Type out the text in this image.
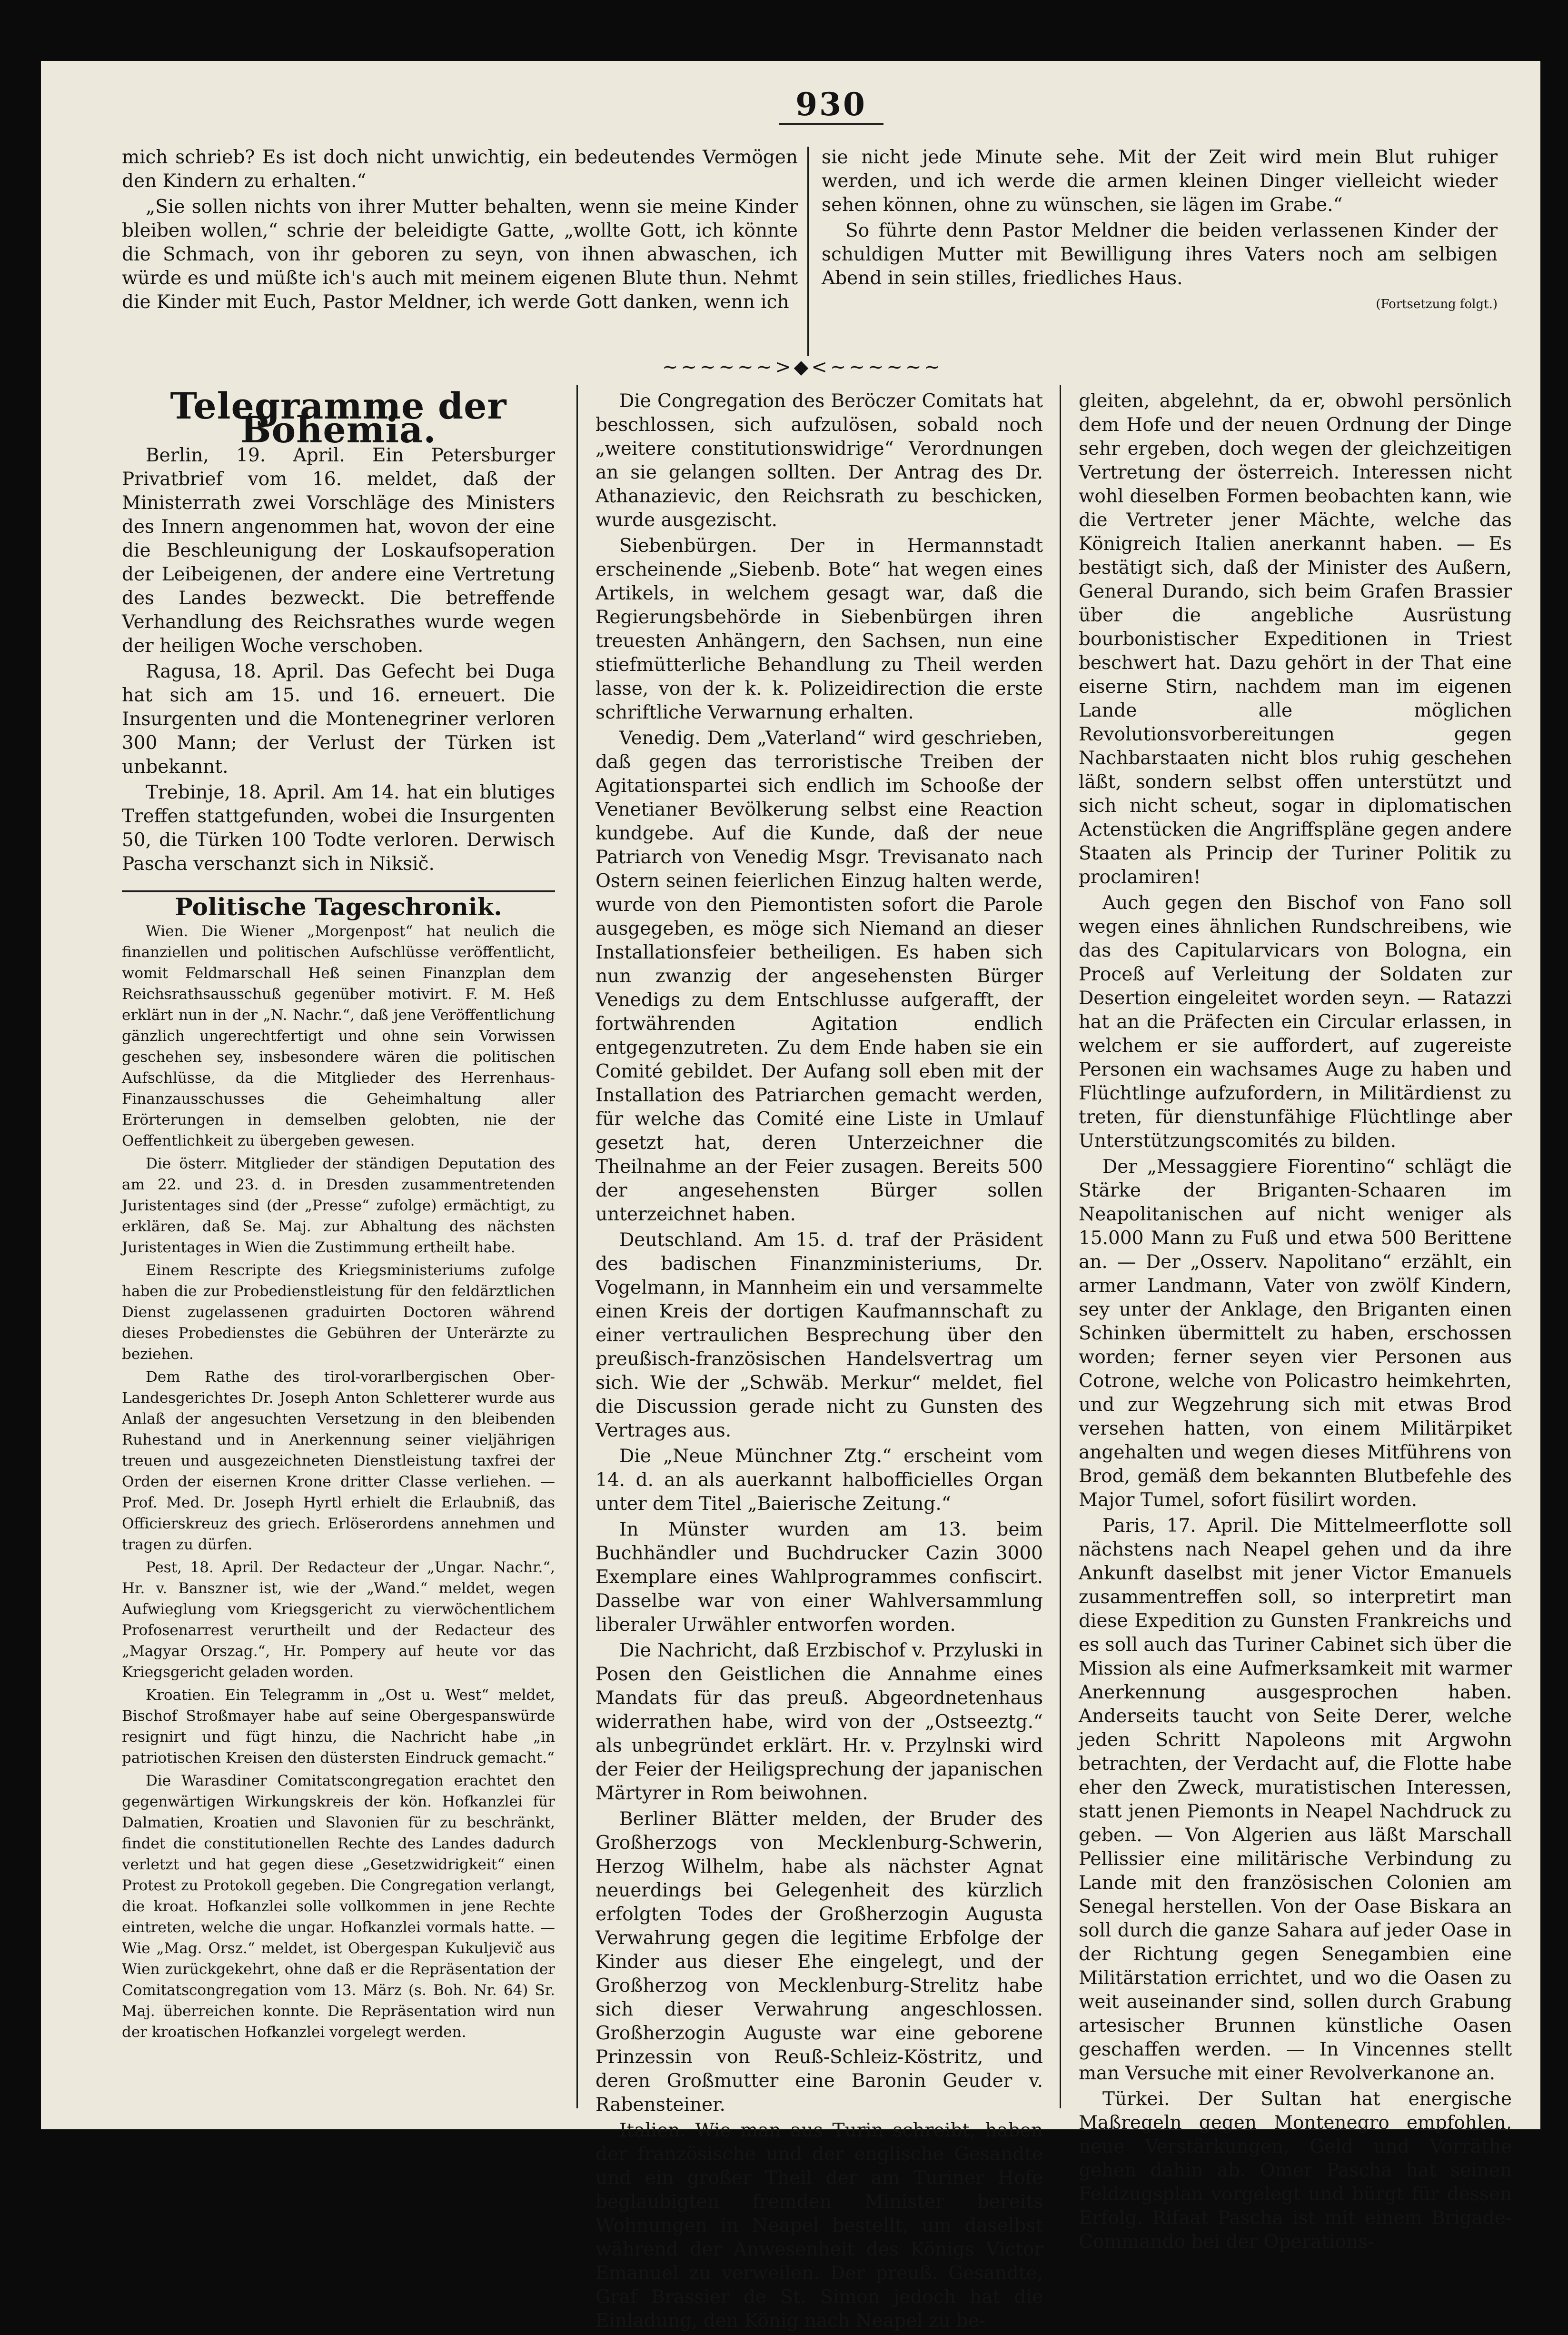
930

mich schrieb? Es ist doch nicht unwichtig, ein bedeutendes Vermögen den Kindern zu erhalten.“

„Sie sollen nichts von ihrer Mutter behalten, wenn sie meine Kinder bleiben wollen,“ schrie der beleidigte Gatte, „wollte Gott, ich könnte die Schmach, von ihr geboren zu seyn, von ihnen abwaschen, ich würde es und müßte ich's auch mit meinem eigenen Blute thun. Nehmt die Kinder mit Euch, Pastor Meldner, ich werde Gott danken, wenn ich

sie nicht jede Minute sehe. Mit der Zeit wird mein Blut ruhiger werden, und ich werde die armen kleinen Dinger vielleicht wieder sehen können, ohne zu wünschen, sie lägen im Grabe.“

So führte denn Pastor Meldner die beiden verlassenen Kinder der schuldigen Mutter mit Bewilligung ihres Vaters noch am selbigen Abend in sein stilles, friedliches Haus.

(Fortsetzung folgt.)

~~~~~~>◆<~~~~~~

Telegramme der Bohemia.

Berlin, 19. April. Ein Petersburger Privatbrief vom 16. meldet, daß der Ministerrath zwei Vorschläge des Ministers des Innern angenommen hat, wovon der eine die Beschleunigung der Loskaufsoperation der Leibeigenen, der andere eine Vertretung des Landes bezweckt. Die betreffende Verhandlung des Reichsrathes wurde wegen der heiligen Woche verschoben.

Ragusa, 18. April. Das Gefecht bei Duga hat sich am 15. und 16. erneuert. Die Insurgenten und die Montenegriner verloren 300 Mann; der Verlust der Türken ist unbekannt.

Trebinje, 18. April. Am 14. hat ein blutiges Treffen stattgefunden, wobei die Insurgenten 50, die Türken 100 Todte verloren. Derwisch Pascha verschanzt sich in Niksič.

Politische Tageschronik.

Wien. Die Wiener „Morgenpost“ hat neulich die finanziellen und politischen Aufschlüsse veröffentlicht, womit Feldmarschall Heß seinen Finanzplan dem Reichsrathsausschuß gegenüber motivirt. F. M. Heß erklärt nun in der „N. Nachr.“, daß jene Veröffentlichung gänzlich ungerechtfertigt und ohne sein Vorwissen geschehen sey, insbesondere wären die politischen Aufschlüsse, da die Mitglieder des Herrenhaus-Finanzausschusses die Geheimhaltung aller Erörterungen in demselben gelobten, nie der Oeffentlichkeit zu übergeben gewesen.

Die österr. Mitglieder der ständigen Deputation des am 22. und 23. d. in Dresden zusammentretenden Juristentages sind (der „Presse“ zufolge) ermächtigt, zu erklären, daß Se. Maj. zur Abhaltung des nächsten Juristentages in Wien die Zustimmung ertheilt habe.

Einem Rescripte des Kriegsministeriums zufolge haben die zur Probedienstleistung für den feldärztlichen Dienst zugelassenen graduirten Doctoren während dieses Probedienstes die Gebühren der Unterärzte zu beziehen.

Dem Rathe des tirol-vorarlbergischen Ober-Landesgerichtes Dr. Joseph Anton Schletterer wurde aus Anlaß der angesuchten Versetzung in den bleibenden Ruhestand und in Anerkennung seiner vieljährigen treuen und ausgezeichneten Dienstleistung taxfrei der Orden der eisernen Krone dritter Classe verliehen. — Prof. Med. Dr. Joseph Hyrtl erhielt die Erlaubniß, das Officierskreuz des griech. Erlöserordens annehmen und tragen zu dürfen.

Pest, 18. April. Der Redacteur der „Ungar. Nachr.“, Hr. v. Banszner ist, wie der „Wand.“ meldet, wegen Aufwieglung vom Kriegsgericht zu vierwöchentlichem Profosenarrest verurtheilt und der Redacteur des „Magyar Orszag.“, Hr. Pompery auf heute vor das Kriegsgericht geladen worden.

Kroatien. Ein Telegramm in „Ost u. West“ meldet, Bischof Stroßmayer habe auf seine Obergespanswürde resignirt und fügt hinzu, die Nachricht habe „in patriotischen Kreisen den düstersten Eindruck gemacht.“

Die Warasdiner Comitatscongregation erachtet den gegenwärtigen Wirkungskreis der kön. Hofkanzlei für Dalmatien, Kroatien und Slavonien für zu beschränkt, findet die constitutionellen Rechte des Landes dadurch verletzt und hat gegen diese „Gesetzwidrigkeit“ einen Protest zu Protokoll gegeben. Die Congregation verlangt, die kroat. Hofkanzlei solle vollkommen in jene Rechte eintreten, welche die ungar. Hofkanzlei vormals hatte. — Wie „Mag. Orsz.“ meldet, ist Obergespan Kukuljevič aus Wien zurückgekehrt, ohne daß er die Repräsentation der Comitatscongregation vom 13. März (s. Boh. Nr. 64) Sr. Maj. überreichen konnte. Die Repräsentation wird nun der kroatischen Hofkanzlei vorgelegt werden.

Die Congregation des Beröczer Comitats hat beschlossen, sich aufzulösen, sobald noch „weitere constitutionswidrige“ Verordnungen an sie gelangen sollten. Der Antrag des Dr. Athanazievic, den Reichsrath zu beschicken, wurde ausgezischt.

Siebenbürgen. Der in Hermannstadt erscheinende „Siebenb. Bote“ hat wegen eines Artikels, in welchem gesagt war, daß die Regierungsbehörde in Siebenbürgen ihren treuesten Anhängern, den Sachsen, nun eine stiefmütterliche Behandlung zu Theil werden lasse, von der k. k. Polizeidirection die erste schriftliche Verwarnung erhalten.

Venedig. Dem „Vaterland“ wird geschrieben, daß gegen das terroristische Treiben der Agitationspartei sich endlich im Schooße der Venetianer Bevölkerung selbst eine Reaction kundgebe. Auf die Kunde, daß der neue Patriarch von Venedig Msgr. Trevisanato nach Ostern seinen feierlichen Einzug halten werde, wurde von den Piemontisten sofort die Parole ausgegeben, es möge sich Niemand an dieser Installationsfeier betheiligen. Es haben sich nun zwanzig der angesehensten Bürger Venedigs zu dem Entschlusse aufgerafft, der fortwährenden Agitation endlich entgegenzutreten. Zu dem Ende haben sie ein Comité gebildet. Der Aufang soll eben mit der Installation des Patriarchen gemacht werden, für welche das Comité eine Liste in Umlauf gesetzt hat, deren Unterzeichner die Theilnahme an der Feier zusagen. Bereits 500 der angesehensten Bürger sollen unterzeichnet haben.

Deutschland. Am 15. d. traf der Präsident des badischen Finanzministeriums, Dr. Vogelmann, in Mannheim ein und versammelte einen Kreis der dortigen Kaufmannschaft zu einer vertraulichen Besprechung über den preußisch-französischen Handelsvertrag um sich. Wie der „Schwäb. Merkur“ meldet, fiel die Discussion gerade nicht zu Gunsten des Vertrages aus.

Die „Neue Münchner Ztg.“ erscheint vom 14. d. an als auerkannt halbofficielles Organ unter dem Titel „Baierische Zeitung.“

In Münster wurden am 13. beim Buchhändler und Buchdrucker Cazin 3000 Exemplare eines Wahlprogrammes confiscirt. Dasselbe war von einer Wahlversammlung liberaler Urwähler entworfen worden.

Die Nachricht, daß Erzbischof v. Przyluski in Posen den Geistlichen die Annahme eines Mandats für das preuß. Abgeordnetenhaus widerrathen habe, wird von der „Ostseeztg.“ als unbegründet erklärt. Hr. v. Przylnski wird der Feier der Heiligsprechung der japanischen Märtyrer in Rom beiwohnen.

Berliner Blätter melden, der Bruder des Großherzogs von Mecklenburg-Schwerin, Herzog Wilhelm, habe als nächster Agnat neuerdings bei Gelegenheit des kürzlich erfolgten Todes der Großherzogin Augusta Verwahrung gegen die legitime Erbfolge der Kinder aus dieser Ehe eingelegt, und der Großherzog von Mecklenburg-Strelitz habe sich dieser Verwahrung angeschlossen. Großherzogin Auguste war eine geborene Prinzessin von Reuß-Schleiz-Köstritz, und deren Großmutter eine Baronin Geuder v. Rabensteiner.

Italien. Wie man aus Turin schreibt, haben der französische und der englische Gesandte und ein großer Theil der am Turiner Hofe beglaubigten fremden Minister bereits Wohnungen in Neapel bestellt, um daselbst während der Anwesenheit des Königs Victor Emanuel zu verweilen. Der preuß. Gesandte, Graf Brassier de St. Simon jedoch hat die Einladung, den König nach Neapel zu be-

gleiten, abgelehnt, da er, obwohl persönlich dem Hofe und der neuen Ordnung der Dinge sehr ergeben, doch wegen der gleichzeitigen Vertretung der österreich. Interessen nicht wohl dieselben Formen beobachten kann, wie die Vertreter jener Mächte, welche das Königreich Italien anerkannt haben. — Es bestätigt sich, daß der Minister des Außern, General Durando, sich beim Grafen Brassier über die angebliche Ausrüstung bourbonistischer Expeditionen in Triest beschwert hat. Dazu gehört in der That eine eiserne Stirn, nachdem man im eigenen Lande alle möglichen Revolutionsvorbereitungen gegen Nachbarstaaten nicht blos ruhig geschehen läßt, sondern selbst offen unterstützt und sich nicht scheut, sogar in diplomatischen Actenstücken die Angriffspläne gegen andere Staaten als Princip der Turiner Politik zu proclamiren!

Auch gegen den Bischof von Fano soll wegen eines ähnlichen Rundschreibens, wie das des Capitularvicars von Bologna, ein Proceß auf Verleitung der Soldaten zur Desertion eingeleitet worden seyn. — Ratazzi hat an die Präfecten ein Circular erlassen, in welchem er sie auffordert, auf zugereiste Personen ein wachsames Auge zu haben und Flüchtlinge aufzufordern, in Militärdienst zu treten, für dienstunfähige Flüchtlinge aber Unterstützungscomités zu bilden.

Der „Messaggiere Fiorentino“ schlägt die Stärke der Briganten-Schaaren im Neapolitanischen auf nicht weniger als 15.000 Mann zu Fuß und etwa 500 Berittene an. — Der „Osserv. Napolitano“ erzählt, ein armer Landmann, Vater von zwölf Kindern, sey unter der Anklage, den Briganten einen Schinken übermittelt zu haben, erschossen worden; ferner seyen vier Personen aus Cotrone, welche von Policastro heimkehrten, und zur Wegzehrung sich mit etwas Brod versehen hatten, von einem Militärpiket angehalten und wegen dieses Mitführens von Brod, gemäß dem bekannten Blutbefehle des Major Tumel, sofort füsilirt worden.

Paris, 17. April. Die Mittelmeerflotte soll nächstens nach Neapel gehen und da ihre Ankunft daselbst mit jener Victor Emanuels zusammentreffen soll, so interpretirt man diese Expedition zu Gunsten Frankreichs und es soll auch das Turiner Cabinet sich über die Mission als eine Aufmerksamkeit mit warmer Anerkennung ausgesprochen haben. Anderseits taucht von Seite Derer, welche jeden Schritt Napoleons mit Argwohn betrachten, der Verdacht auf, die Flotte habe eher den Zweck, muratistischen Interessen, statt jenen Piemonts in Neapel Nachdruck zu geben. — Von Algerien aus läßt Marschall Pellissier eine militärische Verbindung zu Lande mit den französischen Colonien am Senegal herstellen. Von der Oase Biskara an soll durch die ganze Sahara auf jeder Oase in der Richtung gegen Senegambien eine Militärstation errichtet, und wo die Oasen zu weit auseinander sind, sollen durch Grabung artesischer Brunnen künstliche Oasen geschaffen werden. — In Vincennes stellt man Versuche mit einer Revolverkanone an.

Türkei. Der Sultan hat energische Maßregeln gegen Montenegro empfohlen, neue Verstärkungen, Geld und Vorräthe gehen dahin ab. Omer Pascha hat seinen Feldzugsplan vorgelegt und bürgt für dessen Erfolg. Rifaat Pascha ist mit einem Brigade-Commando bei der Operations-
